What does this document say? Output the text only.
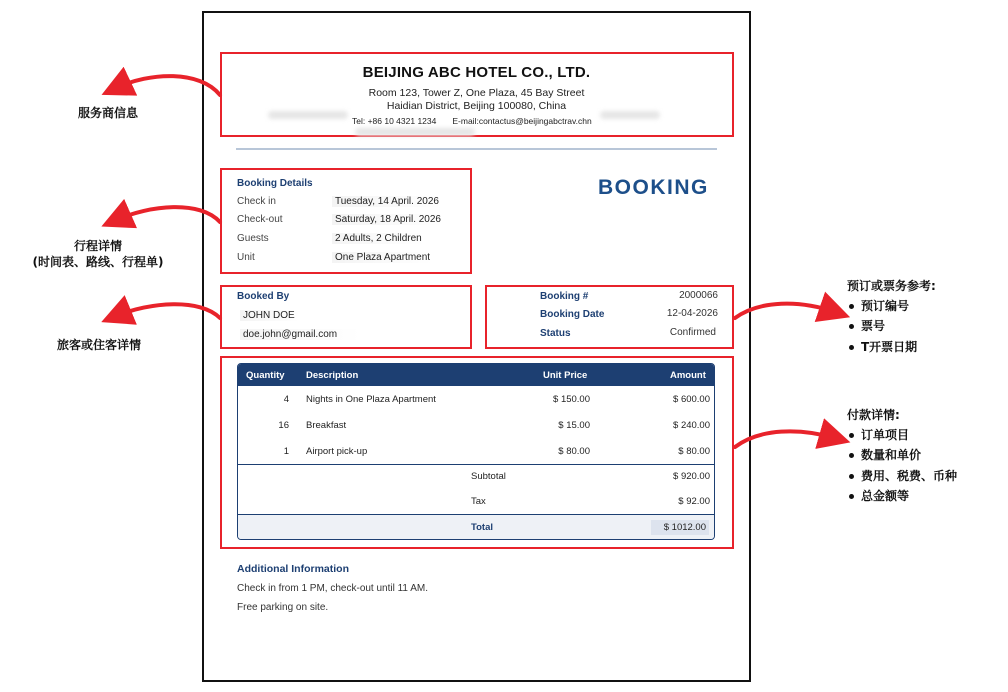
BEIJING ABC HOTEL CO., LTD.
Room 123, Tower Z, One Plaza, 45 Bay Street
Haidian District, Beijing 100080, China
Tel: +86 10 4321 1234 E-mail:contactus@beijingabctrav.chn
BOOKING
Booking Details
Check in	Tuesday, 14 April. 2026
Check-out	Saturday, 18 April. 2026
Guests	2 Adults, 2 Children
Unit	One Plaza Apartment
Booked By
JOHN DOE
doe.john@gmail.com
Booking #	2000066
Booking Date	12-04-2026
Status	Confirmed
Quantity Description	Unit Price	Amount
4 Nights in One Plaza Apartment	$ 150.00	$ 600.00
16 Breakfast	$ 15.00	$ 240.00
1 Airport pick-up	$ 80.00	$ 80.00
Subtotal	$ 920.00
Tax	$ 92.00
Total	$ 1012.00
Additional Information
Check in from 1 PM, check-out until 11 AM.
Free parking on site.
服务商信息
行程详情
(时间表、路线、行程单)
旅客或住客详情
预订或票务参考:
预订编号
票号
T开票日期
付款详情:
订单项目
数量和单价
费用、税费、币种
总金额等
